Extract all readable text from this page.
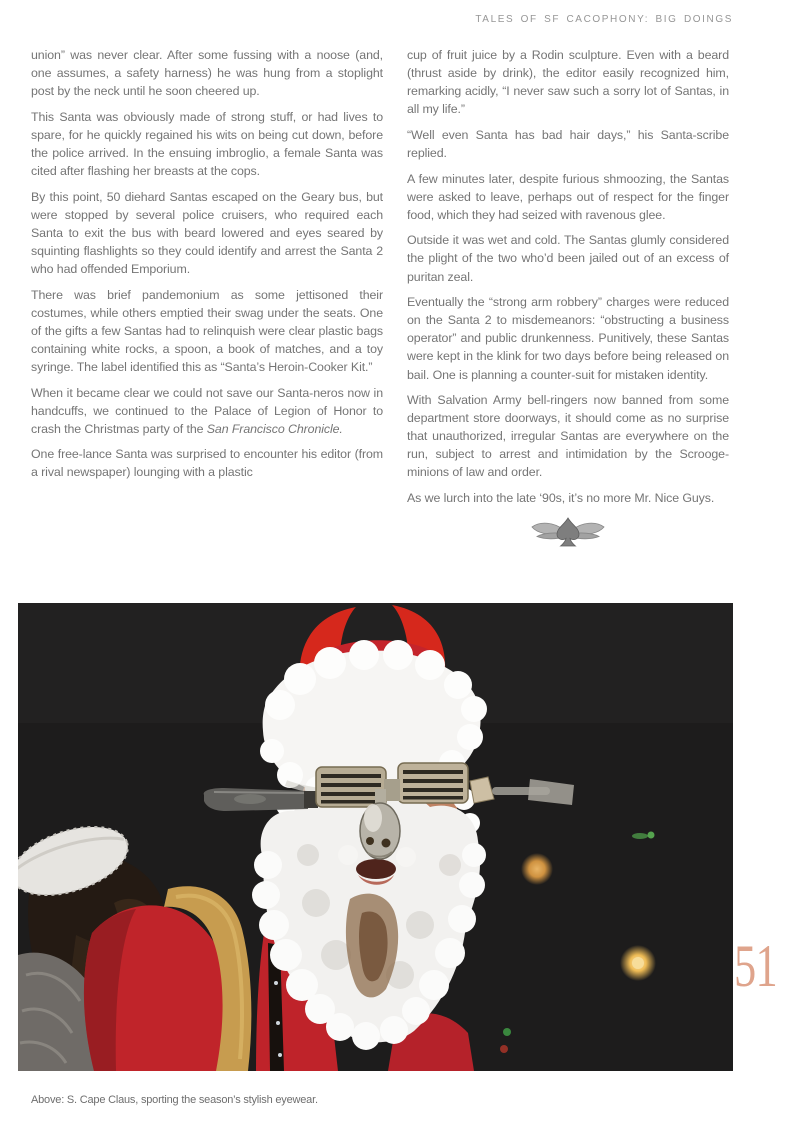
TALES OF SF CACOPHONY: BIG DOINGS

union” was never clear. After some fussing with a noose (and, one assumes, a safety harness) he was hung from a stoplight post by the neck until he soon cheered up.

This Santa was obviously made of strong stuff, or had lives to spare, for he quickly regained his wits on being cut down, before the police arrived. In the ensuing imbroglio, a female Santa was cited after flashing her breasts at the cops.

By this point, 50 diehard Santas escaped on the Geary bus, but were stopped by several police cruisers, who required each Santa to exit the bus with beard lowered and eyes seared by squinting flashlights so they could identify and arrest the Santa 2 who had offended Emporium.

There was brief pandemonium as some jettisoned their costumes, while others emptied their swag under the seats. One of the gifts a few Santas had to relinquish were clear plastic bags containing white rocks, a spoon, a book of matches, and a toy syringe. The label identified this as “Santa’s Heroin-Cooker Kit.”

When it became clear we could not save our Santa-neros now in handcuffs, we continued to the Palace of Legion of Honor to crash the Christmas party of the San Francisco Chronicle.

One free-lance Santa was surprised to encounter his editor (from a rival newspaper) lounging with a plastic

cup of fruit juice by a Rodin sculpture. Even with a beard (thrust aside by drink), the editor easily recognized him, remarking acidly, “I never saw such a sorry lot of Santas, in all my life.”

“Well even Santa has bad hair days,” his Santa-scribe replied.

A few minutes later, despite furious shmoozing, the Santas were asked to leave, perhaps out of respect for the finger food, which they had seized with ravenous glee.

Outside it was wet and cold. The Santas glumly considered the plight of the two who’d been jailed out of an excess of puritan zeal.

Eventually the “strong arm robbery” charges were reduced on the Santa 2 to misdemeanors: “obstructing a business operator” and public drunkenness. Punitively, these Santas were kept in the klink for two days before being released on bail. One is planning a counter-suit for mistaken identity.

With Salvation Army bell-ringers now banned from some department store doorways, it should come as no surprise that unauthorized, irregular Santas are everywhere on the run, subject to arrest and intimidation by the Scrooge-minions of law and order.

As we lurch into the late ‘90s, it’s no more Mr. Nice Guys.

51
Above: S. Cape Claus, sporting the season’s stylish eyewear.
